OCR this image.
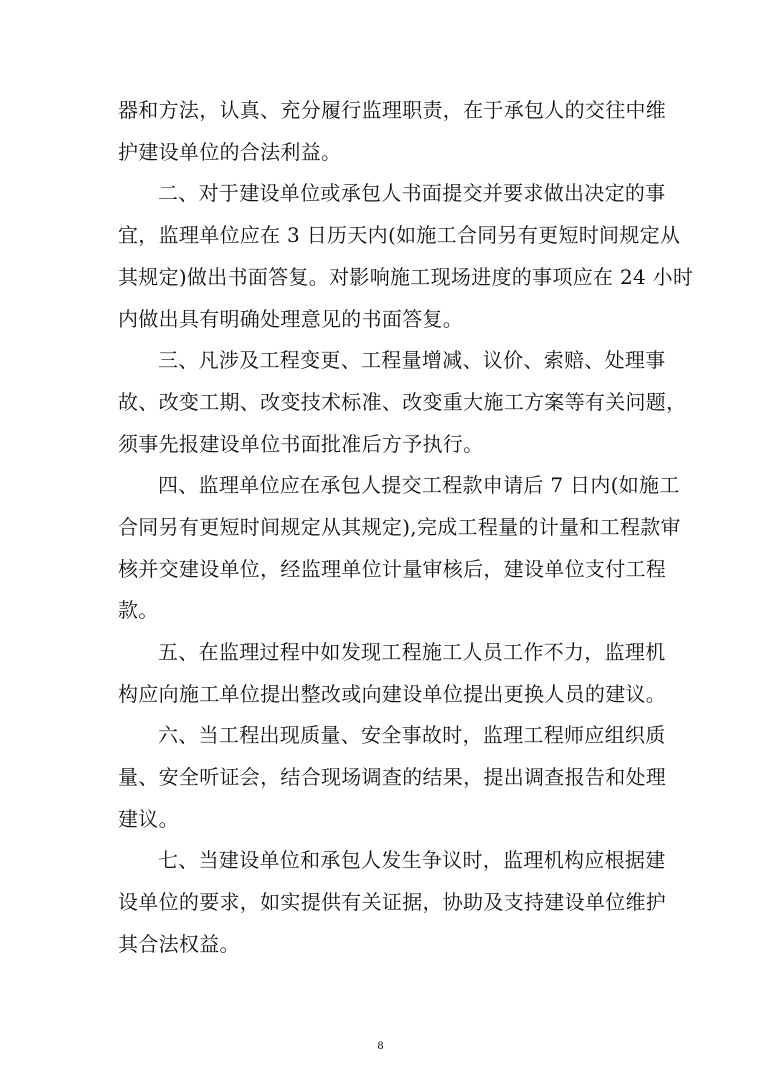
器和方法，认真、充分履行监理职责，在于承包人的交往中维
护建设单位的合法利益。
二、对于建设单位或承包人书面提交并要求做出决定的事
宜，监理单位应在 3 日历天内(如施工合同另有更短时间规定从
其规定)做出书面答复。对影响施工现场进度的事项应在 24 小时
内做出具有明确处理意见的书面答复。
三、凡涉及工程变更、工程量增减、议价、索赔、处理事
故、改变工期、改变技术标准、改变重大施工方案等有关问题，
须事先报建设单位书面批准后方予执行。
四、监理单位应在承包人提交工程款申请后 7 日内(如施工
合同另有更短时间规定从其规定),完成工程量的计量和工程款审
核并交建设单位，经监理单位计量审核后，建设单位支付工程
款。
五、在监理过程中如发现工程施工人员工作不力，监理机
构应向施工单位提出整改或向建设单位提出更换人员的建议。
六、当工程出现质量、安全事故时，监理工程师应组织质
量、安全听证会，结合现场调查的结果，提出调查报告和处理
建议。
七、当建设单位和承包人发生争议时，监理机构应根据建
设单位的要求，如实提供有关证据，协助及支持建设单位维护
其合法权益。
8
